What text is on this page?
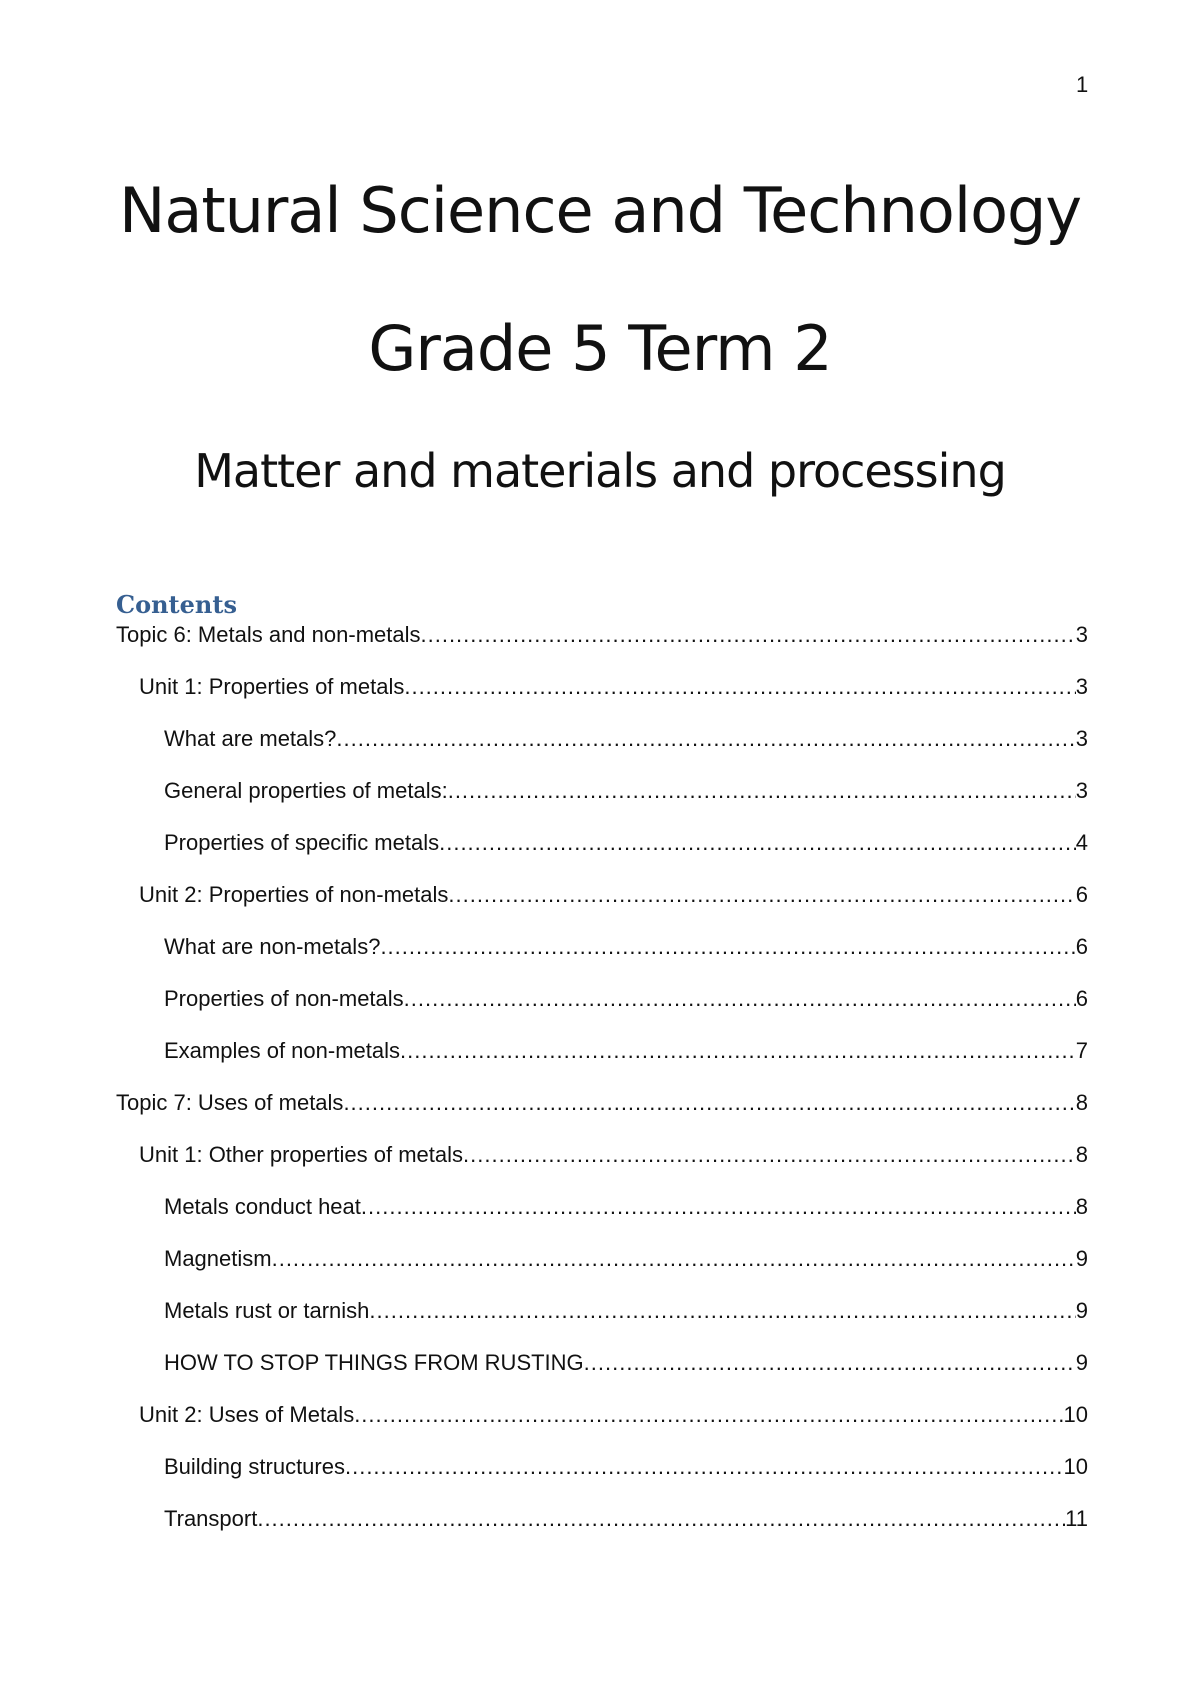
1
Natural Science and Technology
Grade 5 Term 2
Matter and materials and processing
Contents
Topic 6: Metals and non-metals .....	3
Unit 1: Properties of metals .....	3
What are metals? .....	3
General properties of metals: .....	3
Properties of specific metals .....	4
Unit 2: Properties of non-metals .....	6
What are non-metals? .....	6
Properties of non-metals .....	6
Examples of non-metals .....	7
Topic 7: Uses of metals .....	8
Unit 1: Other properties of metals .....	8
Metals conduct heat .....	8
Magnetism .....	9
Metals rust or tarnish .....	9
HOW TO STOP THINGS FROM RUSTING .....	9
Unit 2: Uses of Metals .....	10
Building structures .....	10
Transport .....	11
